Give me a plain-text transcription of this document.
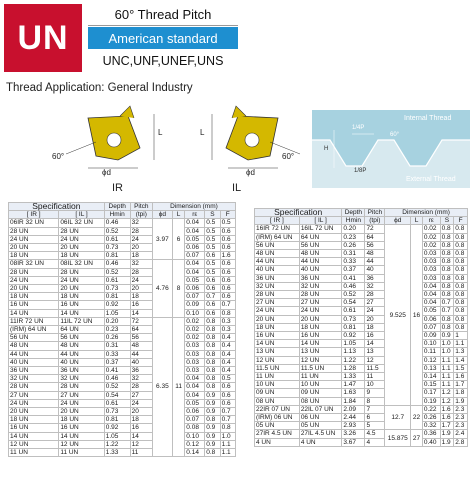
UN
60° Thread Pitch
American standard
UNC,UNF,UNEF,UNS
Thread Application: General Industry
60°
ϕd
L
IR
60°
ϕd
L
IL
Internal Thread
1/4P
60°
H
1/8P
External Thread
Specification		Depth	Pitch	Dimension (mm)				
[ IR ]	[ IL ]	Hmin	(tpi)	ϕd	L	rε	S	F
06IR 32 UN	06IL 32 UN	0.46	32	3.97	6	0.04	0.5	0.5
28 UN	28 UN	0.52	28			0.04	0.5	0.6
24 UN	24 UN	0.61	24			0.05	0.5	0.6
20 UN	20 UN	0.73	20			0.06	0.5	0.6
18 UN	18 UN	0.81	18			0.07	0.6	1.6
08IR 32 UN	08IL 32 UN	0.46	32	4.76	8	0.04	0.5	0.6
28 UN	28 UN	0.52	28			0.04	0.5	0.6
24 UN	24 UN	0.61	24			0.05	0.6	0.6
20 UN	20 UN	0.73	20			0.06	0.6	0.6
18 UN	18 UN	0.81	18			0.07	0.7	0.6
16 UN	16 UN	0.92	16			0.09	0.6	0.7
14 UN	14 UN	1.05	14			0.10	0.6	0.8
11IR 72 UN	11IL 72 UN	0.20	72	6.35	11	0.02	0.8	0.3
(IRM) 64 UN	64 UN	0.23	64			0.02	0.8	0.3
56 UN	56 UN	0.26	56			0.02	0.8	0.4
48 UN	48 UN	0.31	48			0.03	0.8	0.4
44 UN	44 UN	0.33	44			0.03	0.8	0.4
40 UN	40 UN	0.37	40			0.03	0.8	0.4
36 UN	36 UN	0.41	36			0.03	0.8	0.4
32 UN	32 UN	0.46	32			0.04	0.8	0.5
28 UN	28 UN	0.52	28			0.04	0.8	0.6
27 UN	27 UN	0.54	27			0.04	0.9	0.6
24 UN	24 UN	0.61	24			0.05	0.9	0.6
20 UN	20 UN	0.73	20			0.06	0.9	0.7
18 UN	18 UN	0.81	18			0.07	0.8	0.7
16 UN	16 UN	0.92	16			0.08	0.9	0.8
14 UN	14 UN	1.05	14			0.10	0.9	1.0
12 UN	12 UN	1.22	12			0.12	0.9	1.1
11 UN	11 UN	1.33	11			0.14	0.8	1.1
Specification		Depth	Pitch	Dimension (mm)				
[ IR ]	[ IL ]	Hmin	(tpi)	ϕd	L	rε	S	F
16IR 72 UN	16IL 72 UN	0.20	72	9.525	16	0.02	0.8	0.8
(IRM) 64 UN	64 UN	0.23	64			0.02	0.8	0.8
56 UN	56 UN	0.26	56			0.02	0.8	0.8
48 UN	48 UN	0.31	48			0.03	0.8	0.8
44 UN	44 UN	0.33	44			0.03	0.8	0.8
40 UN	40 UN	0.37	40			0.03	0.8	0.8
36 UN	36 UN	0.41	36			0.03	0.8	0.8
32 UN	32 UN	0.46	32			0.04	0.8	0.8
28 UN	28 UN	0.52	28			0.04	0.8	0.8
27 UN	27 UN	0.54	27			0.04	0.7	0.8
24 UN	24 UN	0.61	24			0.05	0.7	0.8
20 UN	20 UN	0.73	20			0.06	0.8	0.8
18 UN	18 UN	0.81	18			0.07	0.8	0.8
16 UN	16 UN	0.92	16			0.09	0.9	1
14 UN	14 UN	1.05	14			0.10	1.0	1.1
13 UN	13 UN	1.13	13			0.11	1.0	1.3
12 UN	12 UN	1.22	12			0.12	1.1	1.4
11.5 UN	11.5 UN	1.28	11.5			0.13	1.1	1.5
11 UN	11 UN	1.33	11			0.14	1.1	1.6
10 UN	10 UN	1.47	10			0.15	1.1	1.7
09 UN	09 UN	1.63	9			0.17	1.2	1.8
08 UN	08 UN	1.84	8			0.19	1.2	1.9
22IR 07 UN	22IL 07 UN	2.09	7	12.7	22	0.22	1.6	2.3
(IRM) 06 UN	06 UN	2.44	6			0.26	1.6	2.3
05 UN	05 UN	2.93	5			0.32	1.7	2.3
27IR 4.5 UN	27IL 4.5 UN	3.26	4.5	15.875	27	0.36	1.9	2.4
4 UN	4 UN	3.67	4			0.40	1.9	2.8
